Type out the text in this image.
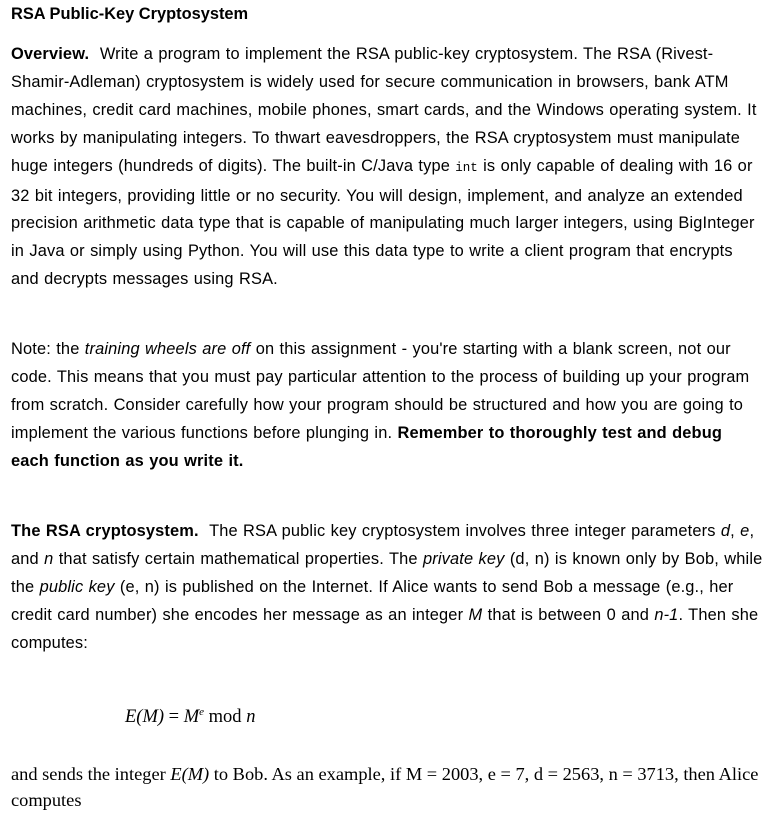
RSA Public-Key Cryptosystem

Overview. Write a program to implement the RSA public-key cryptosystem. The RSA (Rivest-Shamir-Adleman) cryptosystem is widely used for secure communication in browsers, bank ATM machines, credit card machines, mobile phones, smart cards, and the Windows operating system. It works by manipulating integers. To thwart eavesdroppers, the RSA cryptosystem must manipulate huge integers (hundreds of digits). The built-in C/Java type int is only capable of dealing with 16 or 32 bit integers, providing little or no security. You will design, implement, and analyze an extended precision arithmetic data type that is capable of manipulating much larger integers, using BigInteger in Java or simply using Python. You will use this data type to write a client program that encrypts and decrypts messages using RSA.

Note: the training wheels are off on this assignment - you're starting with a blank screen, not our code. This means that you must pay particular attention to the process of building up your program from scratch. Consider carefully how your program should be structured and how you are going to implement the various functions before plunging in. Remember to thoroughly test and debug each function as you write it.

The RSA cryptosystem. The RSA public key cryptosystem involves three integer parameters d, e, and n that satisfy certain mathematical properties. The private key (d, n) is known only by Bob, while the public key (e, n) is published on the Internet. If Alice wants to send Bob a message (e.g., her credit card number) she encodes her message as an integer M that is between 0 and n-1. Then she computes:

$E(M) = M^e$ mod n

and sends the integer E(M) to Bob. As an example, if M = 2003, e = 7, d = 2563, n = 3713, then Alice computes
